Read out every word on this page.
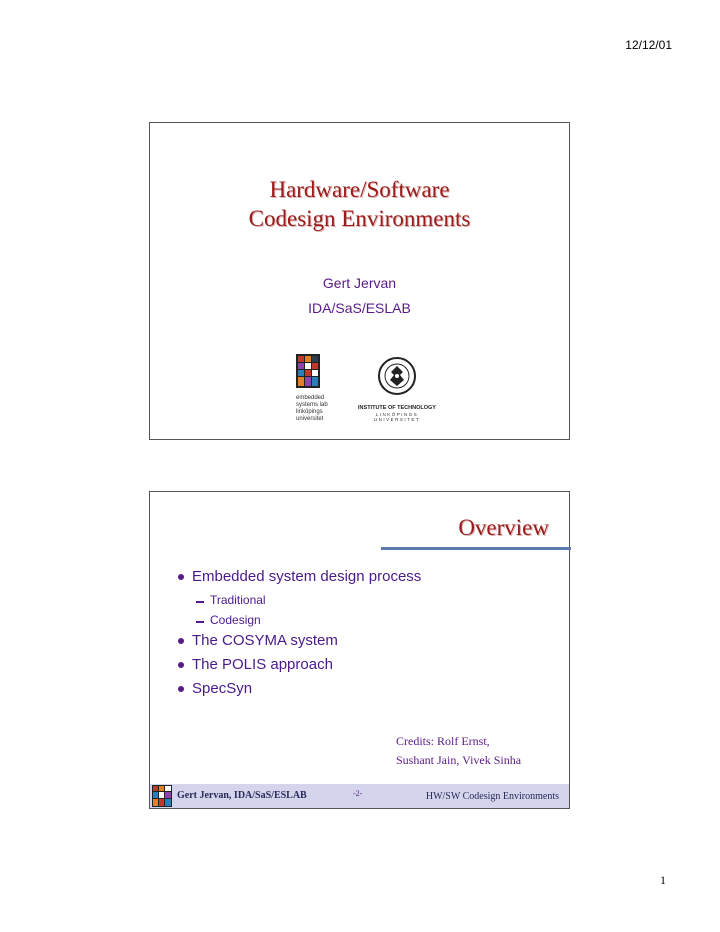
12/12/01
Hardware/Software
Codesign Environments
Gert Jervan
IDA/SaS/ESLAB
embedded
systems lab
linköpings
universitet
INSTITUTE OF TECHNOLOGY
LINKÖPINGS UNIVERSITET
Overview
Embedded system design process
Traditional
Codesign
The COSYMA system
The POLIS approach
SpecSyn
Credits: Rolf Ernst,
Sushant Jain, Vivek Sinha
Gert Jervan, IDA/SaS/ESLAB	-2-	HW/SW Codesign Environments
1
